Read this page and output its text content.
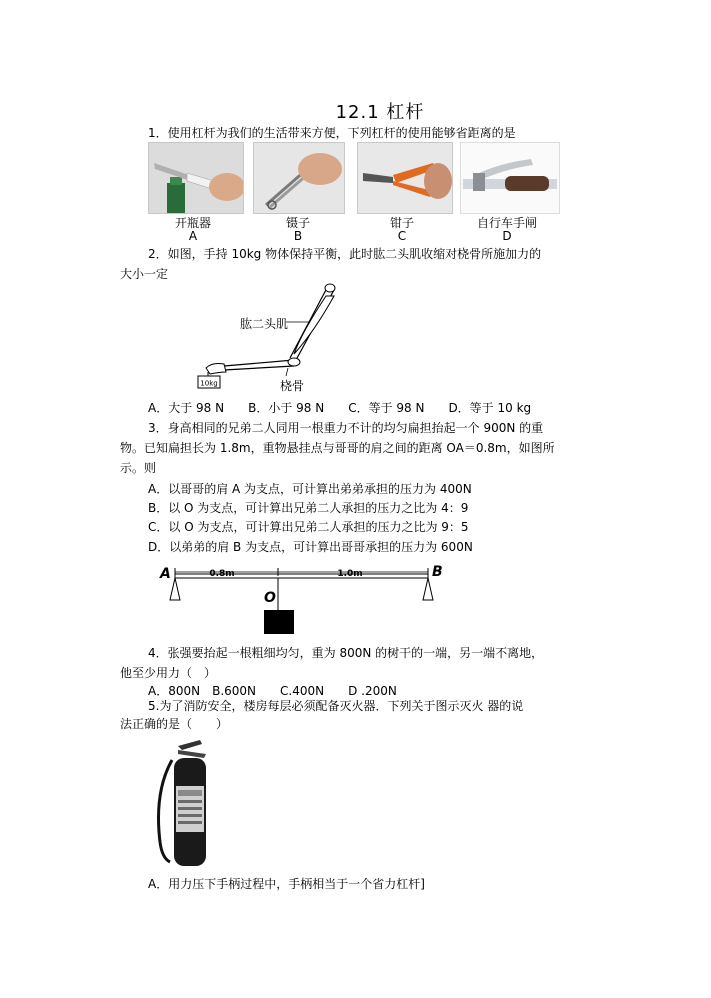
12.1 杠杆
1．使用杠杆为我们的生活带来方便，下列杠杆的使用能够省距离的是
开瓶器
A
镊子
B
钳子
C
自行车手闸
D
2．如图，手持 10kg 物体保持平衡，此时肱二头肌收缩对桡骨所施加力的
大小一定
10kg
肱二头肌
桡骨
A．大于 98 N　　B．小于 98 N　　C．等于 98 N　　D．等于 10 kg
3．身高相同的兄弟二人同用一根重力不计的均匀扁担抬起一个 900N 的重
物。已知扁担长为 1.8m，重物悬挂点与哥哥的肩之间的距离 OA＝0.8m，如图所
示。则
A．以哥哥的肩 A 为支点，可计算出弟弟承担的压力为 400N
B．以 O 为支点，可计算出兄弟二人承担的压力之比为 4：9
C．以 O 为支点，可计算出兄弟二人承担的压力之比为 9：5
D．以弟弟的肩 B 为支点，可计算出哥哥承担的压力为 600N
0.8m	1.0m
A	B
O
4．张强要抬起一根粗细均匀，重为 800N 的树干的一端，另一端不离地，
他至少用力（　）
A．800N　B.600N　　C.400N　　D .200N
5.为了消防安全，楼房每层必须配备灭火器．下列关于图示灭火 器的说
法正确的是（　　）
A．用力压下手柄过程中，手柄相当于一个省力杠杆]
